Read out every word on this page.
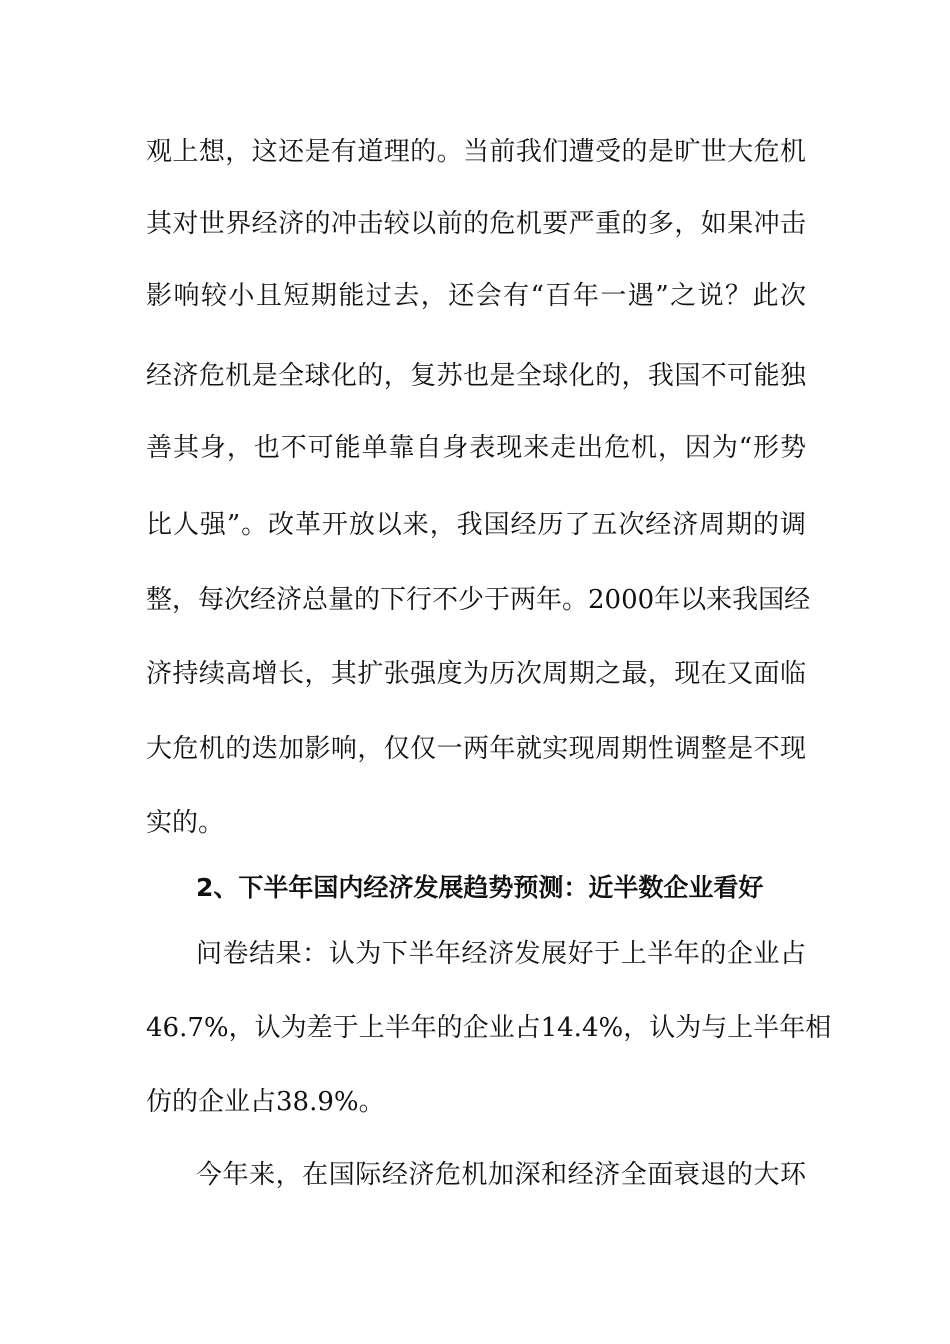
观上想，这还是有道理的。当前我们遭受的是旷世大危机
其对世界经济的冲击较以前的危机要严重的多，如果冲击
影响较小且短期能过去，还会有“百年一遇”之说？此次
经济危机是全球化的，复苏也是全球化的，我国不可能独
善其身，也不可能单靠自身表现来走出危机，因为“形势
比人强”。改革开放以来，我国经历了五次经济周期的调
整，每次经济总量的下行不少于两年。2000年以来我国经
济持续高增长，其扩张强度为历次周期之最，现在又面临
大危机的迭加影响，仅仅一两年就实现周期性调整是不现
实的。
2、下半年国内经济发展趋势预测：近半数企业看好
问卷结果：认为下半年经济发展好于上半年的企业占
46.7%，认为差于上半年的企业占14.4%，认为与上半年相
仿的企业占38.9%。
今年来，在国际经济危机加深和经济全面衰退的大环
